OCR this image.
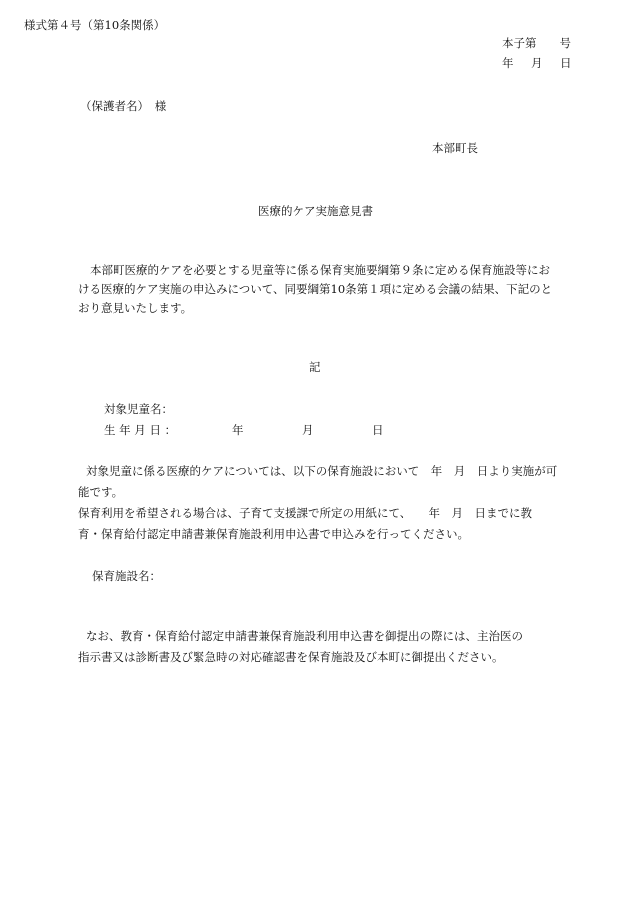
様式第４号（第10条関係）
本子第　　号
年　月　日
（保護者名）　様
本部町長
医療的ケア実施意見書
本部町医療的ケアを必要とする児童等に係る保育実施要綱第９条に定める保育施設等にお
ける医療的ケア実施の申込みについて、同要綱第10条第１項に定める会議の結果、下記のと
おり意見いたします。
記
対象児童名：
生 年 月 日 ：	年	月	日
対象児童に係る医療的ケアについては、以下の保育施設において　年　月　日より実施が可
能です。
保育利用を希望される場合は、子育て支援課で所定の用紙にて、　　年　月　日までに教
育・保育給付認定申請書兼保育施設利用申込書で申込みを行ってください。
保育施設名：
なお、教育・保育給付認定申請書兼保育施設利用申込書を御提出の際には、主治医の
指示書又は診断書及び緊急時の対応確認書を保育施設及び本町に御提出ください。
